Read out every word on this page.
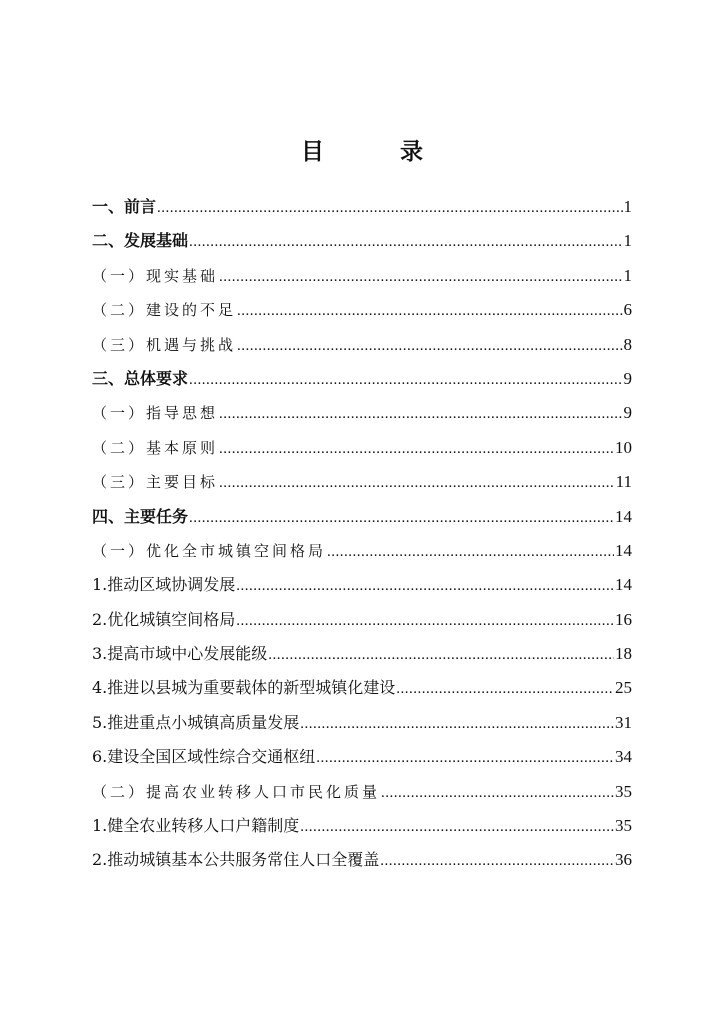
目 录
一、前言 .....	1
二、发展基础 .....	1
（一）现实基础 .....	1
（二）建设的不足 .....	6
（三）机遇与挑战 .....	8
三、总体要求 .....	9
（一）指导思想 .....	9
（二）基本原则 .....	10
（三）主要目标 .....	11
四、主要任务 .....	14
（一）优化全市城镇空间格局 .....	14
1.推动区域协调发展 .....	14
2.优化城镇空间格局 .....	16
3.提高市域中心发展能级 .....	18
4.推进以县城为重要载体的新型城镇化建设 .....	25
5.推进重点小城镇高质量发展 .....	31
6.建设全国区域性综合交通枢纽 .....	34
（二）提高农业转移人口市民化质量 .....	35
1.健全农业转移人口户籍制度 .....	35
2.推动城镇基本公共服务常住人口全覆盖 .....	36
